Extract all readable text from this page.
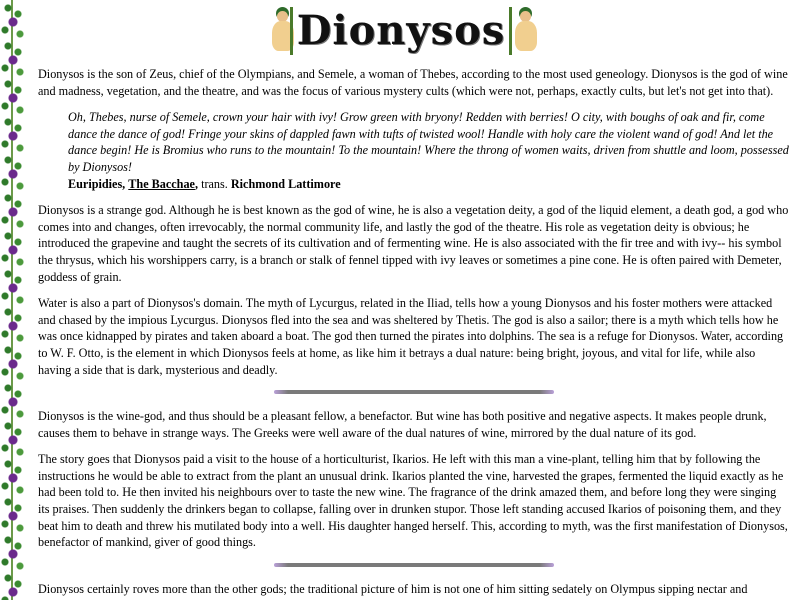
Dionysos

Dionysos is the son of Zeus, chief of the Olympians, and Semele, a woman of Thebes, according to the most used geneology. Dionysos is the god of wine and madness, vegetation, and the theatre, and was the focus of various mystery cults (which were not, perhaps, exactly cults, but let's not get into that).

Oh, Thebes, nurse of Semele, crown your hair with ivy! Grow green with bryony! Redden with berries! O city, with boughs of oak and fir, come dance the dance of god! Fringe your skins of dappled fawn with tufts of twisted wool! Handle with holy care the violent wand of god! And let the dance begin! He is Bromius who runs to the mountain! To the mountain! Where the throng of women waits, driven from shuttle and loom, possessed by Dionysos!
Euripidies, The Bacchae, trans. Richmond Lattimore

Dionysos is a strange god. Although he is best known as the god of wine, he is also a vegetation deity, a god of the liquid element, a death god, a god who comes into and changes, often irrevocably, the normal community life, and lastly the god of the theatre. His role as vegetation deity is obvious; he introduced the grapevine and taught the secrets of its cultivation and of fermenting wine. He is also associated with the fir tree and with ivy-- his symbol the thrysus, which his worshippers carry, is a branch or stalk of fennel tipped with ivy leaves or sometimes a pine cone. He is often paired with Demeter, goddess of grain.

Water is also a part of Dionysos's domain. The myth of Lycurgus, related in the Iliad, tells how a young Dionysos and his foster mothers were attacked and chased by the impious Lycurgus. Dionysos fled into the sea and was sheltered by Thetis. The god is also a sailor; there is a myth which tells how he was once kidnapped by pirates and taken aboard a boat. The god then turned the pirates into dolphins. The sea is a refuge for Dionysos. Water, according to W. F. Otto, is the element in which Dionysos feels at home, as like him it betrays a dual nature: being bright, joyous, and vital for life, while also having a side that is dark, mysterious and deadly.

Dionysos is the wine-god, and thus should be a pleasant fellow, a benefactor. But wine has both positive and negative aspects. It makes people drunk, causes them to behave in strange ways. The Greeks were well aware of the dual natures of wine, mirrored by the dual nature of its god.

The story goes that Dionysos paid a visit to the house of a horticulturist, Ikarios. He left with this man a vine-plant, telling him that by following the instructions he would be able to extract from the plant an unusual drink. Ikarios planted the vine, harvested the grapes, fermented the liquid exactly as he had been told to. He then invited his neighbours over to taste the new wine. The fragrance of the drink amazed them, and before long they were singing its praises. Then suddenly the drinkers began to collapse, falling over in drunken stupor. Those left standing accused Ikarios of poisoning them, and they beat him to death and threw his mutilated body into a well. His daughter hanged herself. This, according to myth, was the first manifestation of Dionysos, benefactor of mankind, giver of good things.

Dionysos certainly roves more than the other gods; the traditional picture of him is not one of him sitting sedately on Olympus sipping nectar and
